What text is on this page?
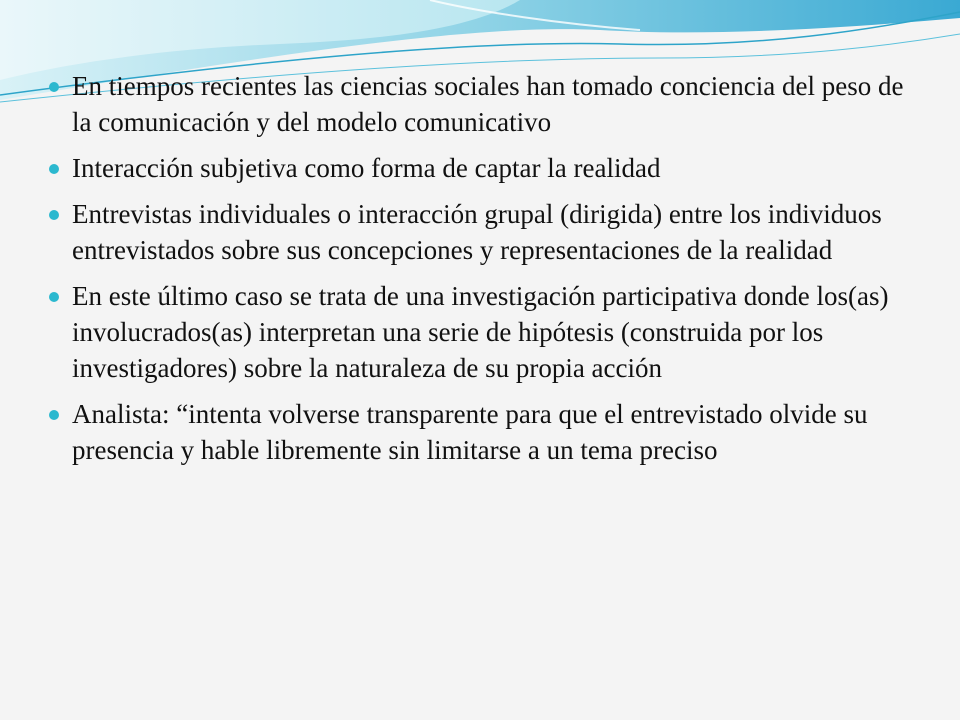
En tiempos recientes las ciencias sociales han tomado conciencia del peso de la comunicación y del modelo comunicativo
Interacción subjetiva como forma de captar la realidad
Entrevistas individuales o interacción grupal (dirigida) entre los individuos entrevistados sobre sus concepciones y representaciones de la realidad
En este último caso se trata de una investigación participativa donde los(as) involucrados(as) interpretan una serie de hipótesis (construida por los investigadores) sobre la naturaleza de su propia acción
Analista: “intenta volverse transparente para que el entrevistado olvide su presencia y hable libremente sin limitarse a un tema preciso
